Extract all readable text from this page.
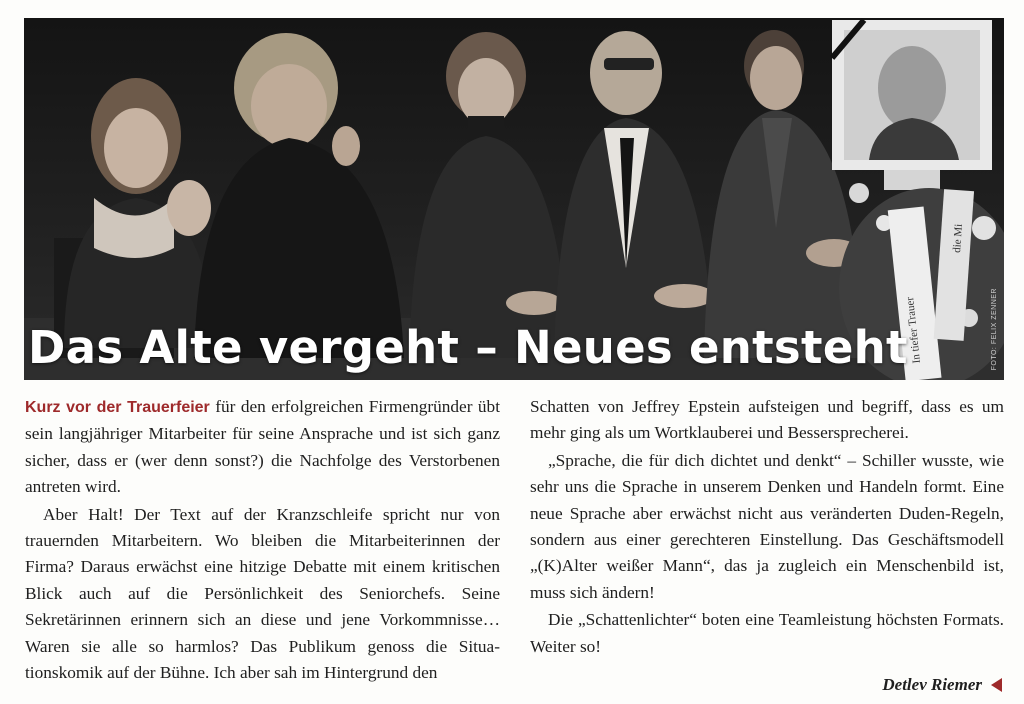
In tiefer Trauer
die Mi
Das Alte vergeht – Neues entsteht	FOTO: FELIX ZENNER

Kurz vor der Trauerfeier für den erfolgreichen Firmengründer übt sein langjähriger Mitarbeiter für seine Ansprache und ist sich ganz sicher, dass er (wer denn sonst?) die Nachfolge des Verstorbenen antreten wird.

Aber Halt! Der Text auf der Kranzschleife spricht nur von trauernden Mitarbeitern. Wo bleiben die Mitarbeiterinnen der Firma? Daraus erwächst eine hitzige Debatte mit einem kritischen Blick auch auf die Persönlichkeit des Seniorchefs. Seine Sekretärinnen erinnern sich an diese und jene Vorkommnisse… Waren sie alle so harmlos? Das Publikum genoss die Situationskomik auf der Bühne. Ich aber sah im Hintergrund den

Schatten von Jeffrey Epstein aufsteigen und begriff, dass es um mehr ging als um Wortklauberei und Bessersprecherei.

„Sprache, die für dich dichtet und denkt“ – Schiller wusste, wie sehr uns die Sprache in unserem Denken und Handeln formt. Eine neue Sprache aber erwächst nicht aus veränderten Duden-Regeln, sondern aus einer gerechteren Einstellung. Das Geschäftsmodell „(K)Alter weißer Mann“, das ja zugleich ein Menschenbild ist, muss sich ändern!

Die „Schattenlichter“ boten eine Teamleistung höchsten Formats. Weiter so!

Detlev Riemer
